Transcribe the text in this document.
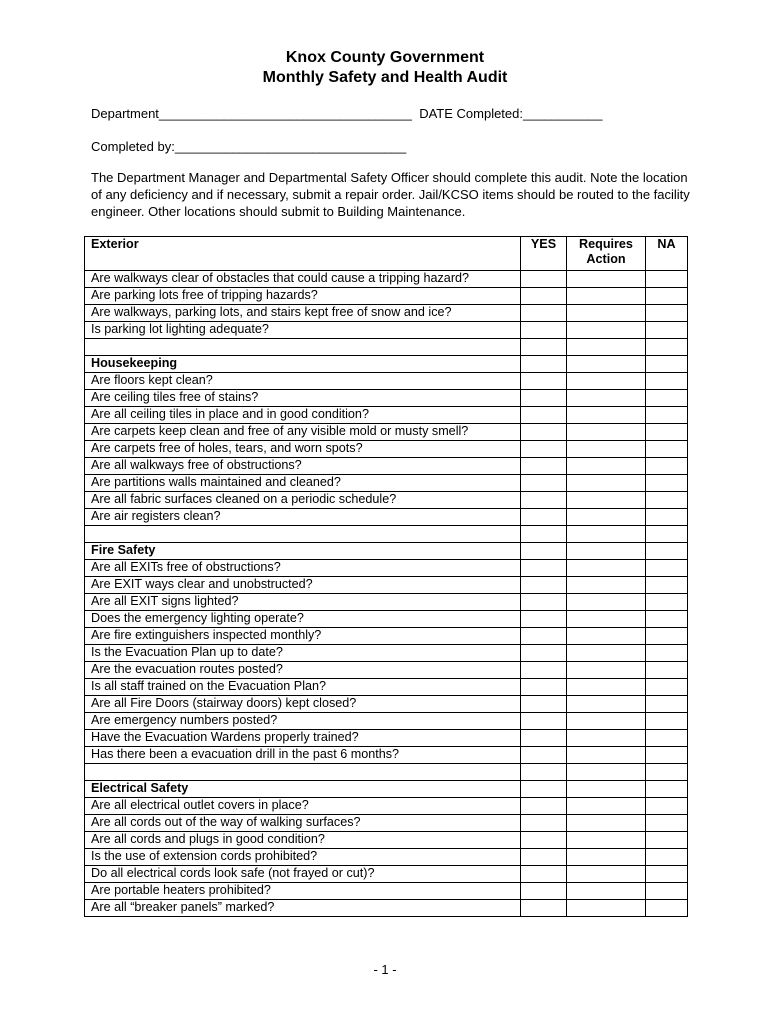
Knox County Government
Monthly Safety and Health Audit
Department___________________________________  DATE Completed:___________
Completed by:________________________________
The Department Manager and Departmental Safety Officer should complete this audit. Note the location of any deficiency and if necessary, submit a repair order. Jail/KCSO items should be routed to the facility engineer. Other locations should submit to Building Maintenance.
Exterior	YES	Requires Action	NA
Are walkways clear of obstacles that could cause a tripping hazard?			
Are parking lots free of tripping hazards?			
Are walkways, parking lots, and stairs kept free of snow and ice?			
Is parking lot lighting adequate?			

Housekeeping			
Are floors kept clean?			
Are ceiling tiles free of stains?			
Are all ceiling tiles in place and in good condition?			
Are carpets keep clean and free of any visible mold or musty smell?			
Are carpets free of holes, tears, and worn spots?			
Are all walkways free of obstructions?			
Are partitions walls maintained and cleaned?			
Are all fabric surfaces cleaned on a periodic schedule?			
Are air registers clean?			

Fire Safety			
Are all EXITs free of obstructions?			
Are EXIT ways clear and unobstructed?			
Are all EXIT signs lighted?			
Does the emergency lighting operate?			
Are fire extinguishers inspected monthly?			
Is the Evacuation Plan up to date?			
Are the evacuation routes posted?			
Is all staff trained on the Evacuation Plan?			
Are all Fire Doors (stairway doors) kept closed?			
Are emergency numbers posted?			
Have the Evacuation Wardens properly trained?			
Has there been a evacuation drill in the past 6 months?			

Electrical Safety			
Are all electrical outlet covers in place?			
Are all cords out of the way of walking surfaces?			
Are all cords and plugs in good condition?			
Is the use of extension cords prohibited?			
Do all electrical cords look safe (not frayed or cut)?			
Are portable heaters prohibited?			
Are all “breaker panels” marked?			
- 1 -
